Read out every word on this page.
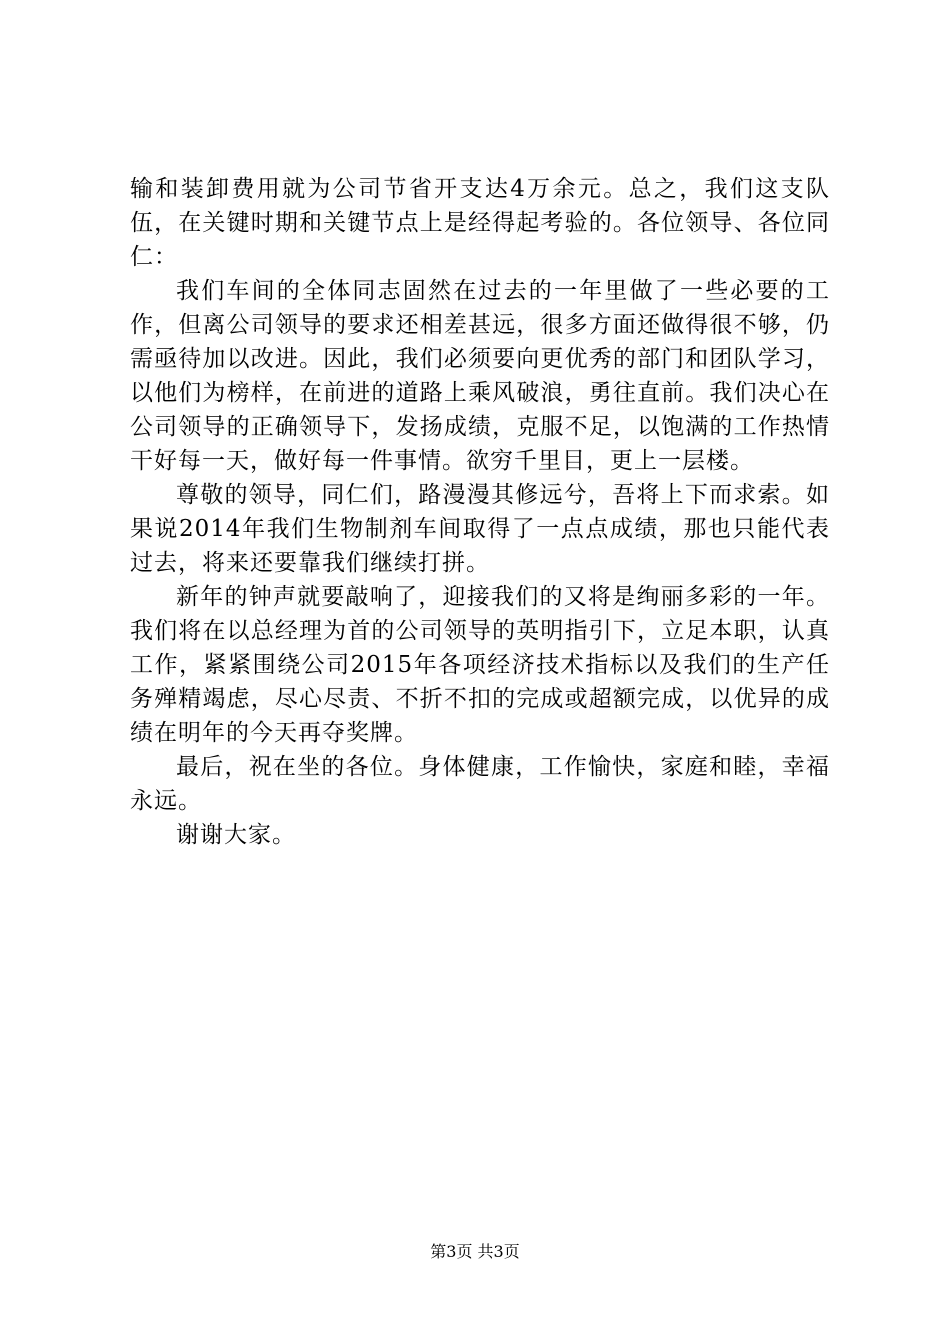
输和装卸费用就为公司节省开支达4万余元。总之，我们这支队伍，在关键时期和关键节点上是经得起考验的。各位领导、各位同仁：

我们车间的全体同志固然在过去的一年里做了一些必要的工作，但离公司领导的要求还相差甚远，很多方面还做得很不够，仍需亟待加以改进。因此，我们必须要向更优秀的部门和团队学习，以他们为榜样，在前进的道路上乘风破浪，勇往直前。我们决心在公司领导的正确领导下，发扬成绩，克服不足，以饱满的工作热情干好每一天，做好每一件事情。欲穷千里目，更上一层楼。

尊敬的领导，同仁们，路漫漫其修远兮，吾将上下而求索。如果说2014年我们生物制剂车间取得了一点点成绩，那也只能代表过去，将来还要靠我们继续打拼。

新年的钟声就要敲响了，迎接我们的又将是绚丽多彩的一年。我们将在以总经理为首的公司领导的英明指引下，立足本职，认真工作，紧紧围绕公司2015年各项经济技术指标以及我们的生产任务殚精竭虑，尽心尽责、不折不扣的完成或超额完成，以优异的成绩在明年的今天再夺奖牌。

最后，祝在坐的各位。身体健康，工作愉快，家庭和睦，幸福永远。

谢谢大家。

第3页 共3页
